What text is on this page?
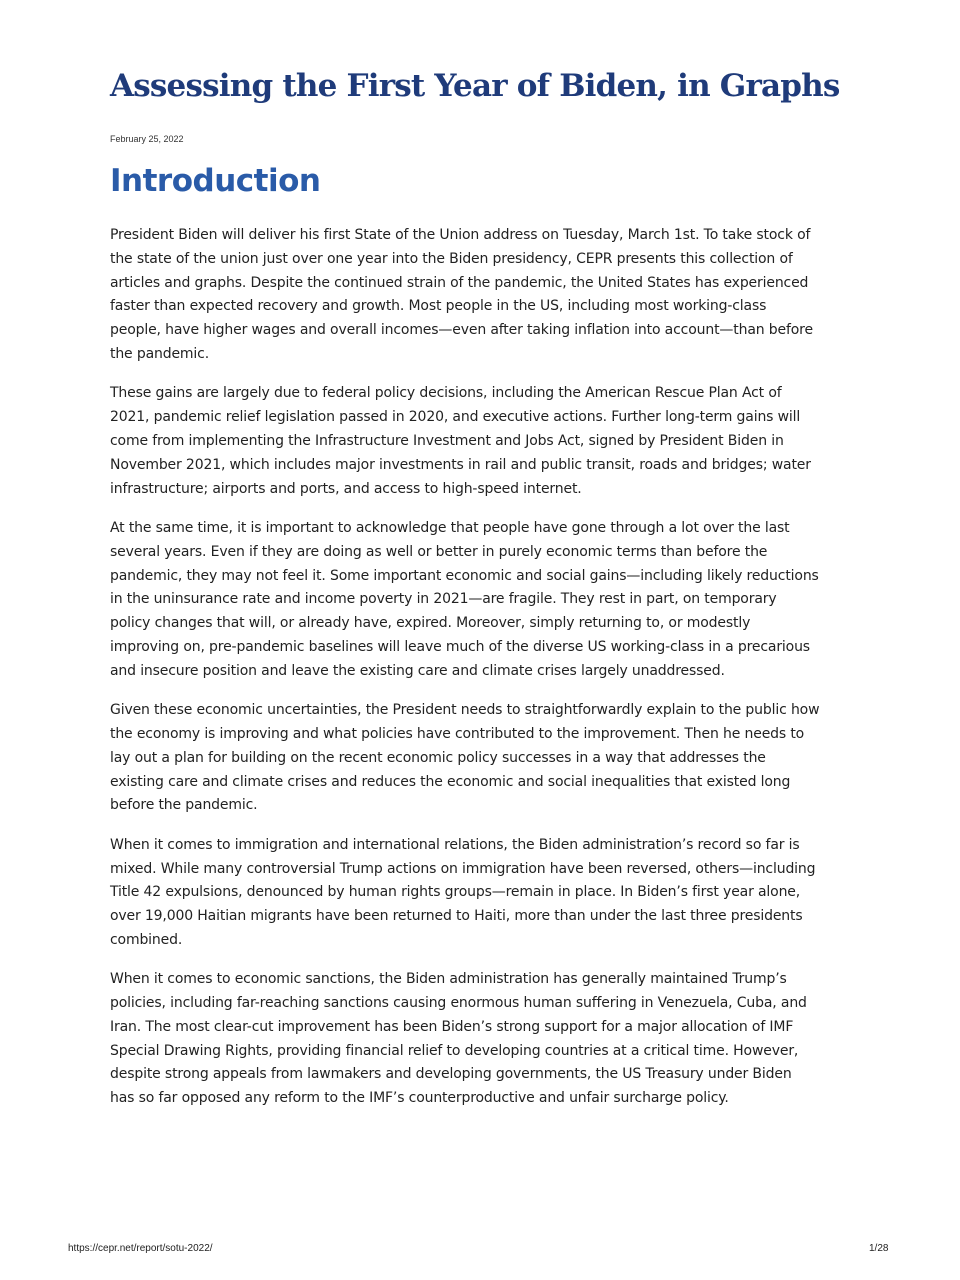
Assessing the First Year of Biden, in Graphs
February 25, 2022
Introduction

President Biden will deliver his first State of the Union address on Tuesday, March 1st. To take stock of the state of the union just over one year into the Biden presidency, CEPR presents this collection of articles and graphs. Despite the continued strain of the pandemic, the United States has experienced faster than expected recovery and growth. Most people in the US, including most working-class people, have higher wages and overall incomes—even after taking inflation into account—than before the pandemic.

These gains are largely due to federal policy decisions, including the American Rescue Plan Act of 2021, pandemic relief legislation passed in 2020, and executive actions. Further long-term gains will come from implementing the Infrastructure Investment and Jobs Act, signed by President Biden in November 2021, which includes major investments in rail and public transit, roads and bridges; water infrastructure; airports and ports, and access to high-speed internet.

At the same time, it is important to acknowledge that people have gone through a lot over the last several years. Even if they are doing as well or better in purely economic terms than before the pandemic, they may not feel it. Some important economic and social gains—including likely reductions in the uninsurance rate and income poverty in 2021—are fragile. They rest in part, on temporary policy changes that will, or already have, expired. Moreover, simply returning to, or modestly improving on, pre-pandemic baselines will leave much of the diverse US working-class in a precarious and insecure position and leave the existing care and climate crises largely unaddressed.

Given these economic uncertainties, the President needs to straightforwardly explain to the public how the economy is improving and what policies have contributed to the improvement. Then he needs to lay out a plan for building on the recent economic policy successes in a way that addresses the existing care and climate crises and reduces the economic and social inequalities that existed long before the pandemic.

When it comes to immigration and international relations, the Biden administration’s record so far is mixed. While many controversial Trump actions on immigration have been reversed, others—including Title 42 expulsions, denounced by human rights groups—remain in place. In Biden’s first year alone, over 19,000 Haitian migrants have been returned to Haiti, more than under the last three presidents combined.

When it comes to economic sanctions, the Biden administration has generally maintained Trump’s policies, including far-reaching sanctions causing enormous human suffering in Venezuela, Cuba, and Iran. The most clear-cut improvement has been Biden’s strong support for a major allocation of IMF Special Drawing Rights, providing financial relief to developing countries at a critical time. However, despite strong appeals from lawmakers and developing governments, the US Treasury under Biden has so far opposed any reform to the IMF’s counterproductive and unfair surcharge policy.

https://cepr.net/report/sotu-2022/	1/28
